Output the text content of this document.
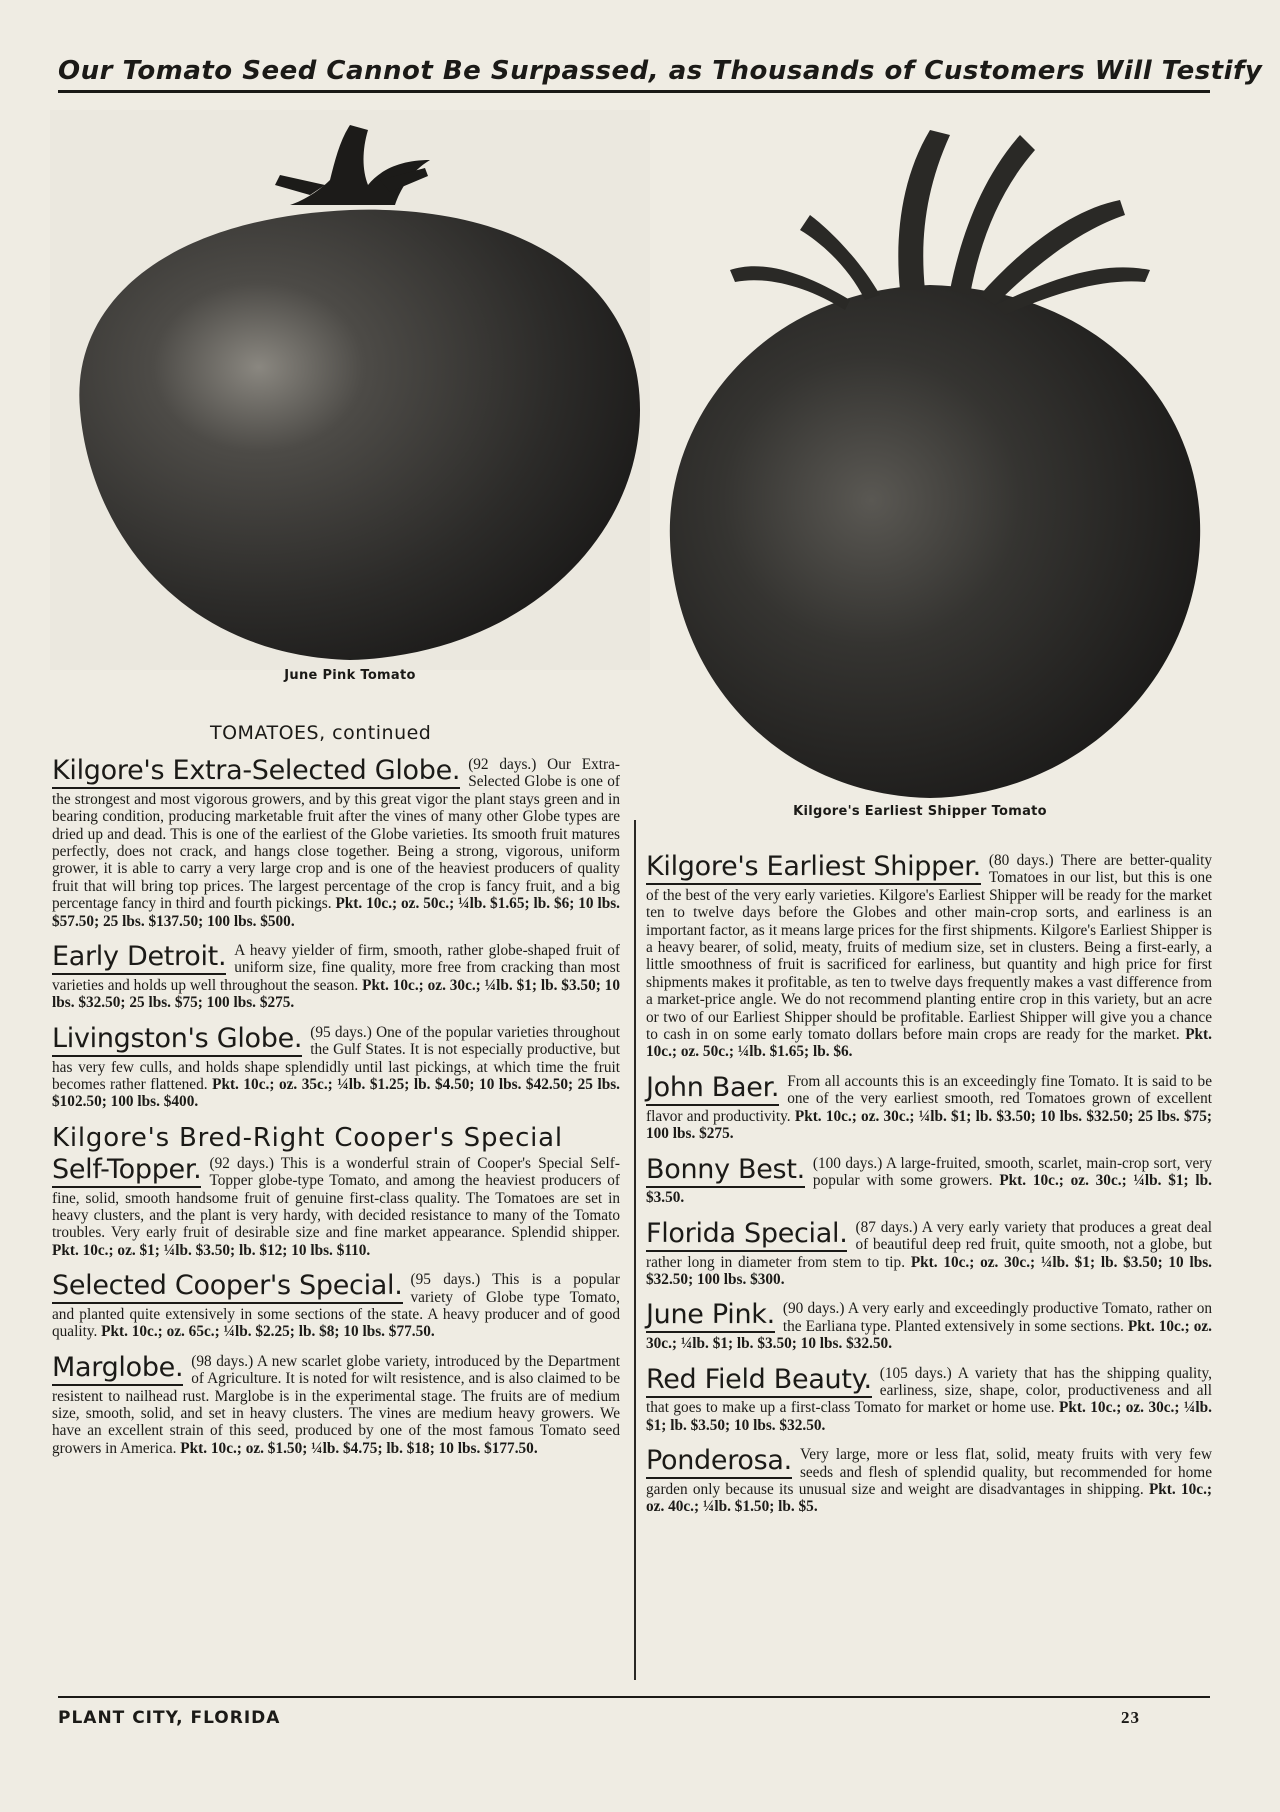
Our Tomato Seed Cannot Be Surpassed, as Thousands of Customers Will Testify
June Pink Tomato
Kilgore's Earliest Shipper Tomato
TOMATOES, continued
Kilgore's Extra-Selected Globe. (92 days.) Our Extra-Selected Globe is one of the strongest and most vigorous growers, and by this great vigor the plant stays green and in bearing condition, producing marketable fruit after the vines of many other Globe types are dried up and dead. This is one of the earliest of the Globe varieties. Its smooth fruit matures perfectly, does not crack, and hangs close together. Being a strong, vigorous, uniform grower, it is able to carry a very large crop and is one of the heaviest producers of quality fruit that will bring top prices. The largest percentage of the crop is fancy fruit, and a big percentage fancy in third and fourth pickings. Pkt. 10c.; oz. 50c.; ¼lb. $1.65; lb. $6; 10 lbs. $57.50; 25 lbs. $137.50; 100 lbs. $500.

Early Detroit. A heavy yielder of firm, smooth, rather globe-shaped fruit of uniform size, fine quality, more free from cracking than most varieties and holds up well throughout the season. Pkt. 10c.; oz. 30c.; ¼lb. $1; lb. $3.50; 10 lbs. $32.50; 25 lbs. $75; 100 lbs. $275.

Livingston's Globe. (95 days.) One of the popular varieties throughout the Gulf States. It is not especially productive, but has very few culls, and holds shape splendidly until last pickings, at which time the fruit becomes rather flattened. Pkt. 10c.; oz. 35c.; ¼lb. $1.25; lb. $4.50; 10 lbs. $42.50; 25 lbs. $102.50; 100 lbs. $400.

Kilgore's Bred-Right Cooper's Special
Self-Topper. (92 days.) This is a wonderful strain of Cooper's Special Self-Topper globe-type Tomato, and among the heaviest producers of fine, solid, smooth handsome fruit of genuine first-class quality. The Tomatoes are set in heavy clusters, and the plant is very hardy, with decided resistance to many of the Tomato troubles. Very early fruit of desirable size and fine market appearance. Splendid shipper. Pkt. 10c.; oz. $1; ¼lb. $3.50; lb. $12; 10 lbs. $110.

Selected Cooper's Special. (95 days.) This is a popular variety of Globe type Tomato, and planted quite extensively in some sections of the state. A heavy producer and of good quality. Pkt. 10c.; oz. 65c.; ¼lb. $2.25; lb. $8; 10 lbs. $77.50.

Marglobe. (98 days.) A new scarlet globe variety, introduced by the Department of Agriculture. It is noted for wilt resistence, and is also claimed to be resistent to nailhead rust. Marglobe is in the experimental stage. The fruits are of medium size, smooth, solid, and set in heavy clusters. The vines are medium heavy growers. We have an excellent strain of this seed, produced by one of the most famous Tomato seed growers in America. Pkt. 10c.; oz. $1.50; ¼lb. $4.75; lb. $18; 10 lbs. $177.50.

Kilgore's Earliest Shipper. (80 days.) There are better-quality Tomatoes in our list, but this is one of the best of the very early varieties. Kilgore's Earliest Shipper will be ready for the market ten to twelve days before the Globes and other main-crop sorts, and earliness is an important factor, as it means large prices for the first shipments. Kilgore's Earliest Shipper is a heavy bearer, of solid, meaty, fruits of medium size, set in clusters. Being a first-early, a little smoothness of fruit is sacrificed for earliness, but quantity and high price for first shipments makes it profitable, as ten to twelve days frequently makes a vast difference from a market-price angle. We do not recommend planting entire crop in this variety, but an acre or two of our Earliest Shipper should be profitable. Earliest Shipper will give you a chance to cash in on some early tomato dollars before main crops are ready for the market. Pkt. 10c.; oz. 50c.; ¼lb. $1.65; lb. $6.

John Baer. From all accounts this is an exceedingly fine Tomato. It is said to be one of the very earliest smooth, red Tomatoes grown of excellent flavor and productivity. Pkt. 10c.; oz. 30c.; ¼lb. $1; lb. $3.50; 10 lbs. $32.50; 25 lbs. $75; 100 lbs. $275.

Bonny Best. (100 days.) A large-fruited, smooth, scarlet, main-crop sort, very popular with some growers. Pkt. 10c.; oz. 30c.; ¼lb. $1; lb. $3.50.

Florida Special. (87 days.) A very early variety that produces a great deal of beautiful deep red fruit, quite smooth, not a globe, but rather long in diameter from stem to tip. Pkt. 10c.; oz. 30c.; ¼lb. $1; lb. $3.50; 10 lbs. $32.50; 100 lbs. $300.

June Pink. (90 days.) A very early and exceedingly productive Tomato, rather on the Earliana type. Planted extensively in some sections. Pkt. 10c.; oz. 30c.; ¼lb. $1; lb. $3.50; 10 lbs. $32.50.

Red Field Beauty. (105 days.) A variety that has the shipping quality, earliness, size, shape, color, productiveness and all that goes to make up a first-class Tomato for market or home use. Pkt. 10c.; oz. 30c.; ¼lb. $1; lb. $3.50; 10 lbs. $32.50.

Ponderosa. Very large, more or less flat, solid, meaty fruits with very few seeds and flesh of splendid quality, but recommended for home garden only because its unusual size and weight are disadvantages in shipping. Pkt. 10c.; oz. 40c.; ¼lb. $1.50; lb. $5.

PLANT CITY, FLORIDA	23
